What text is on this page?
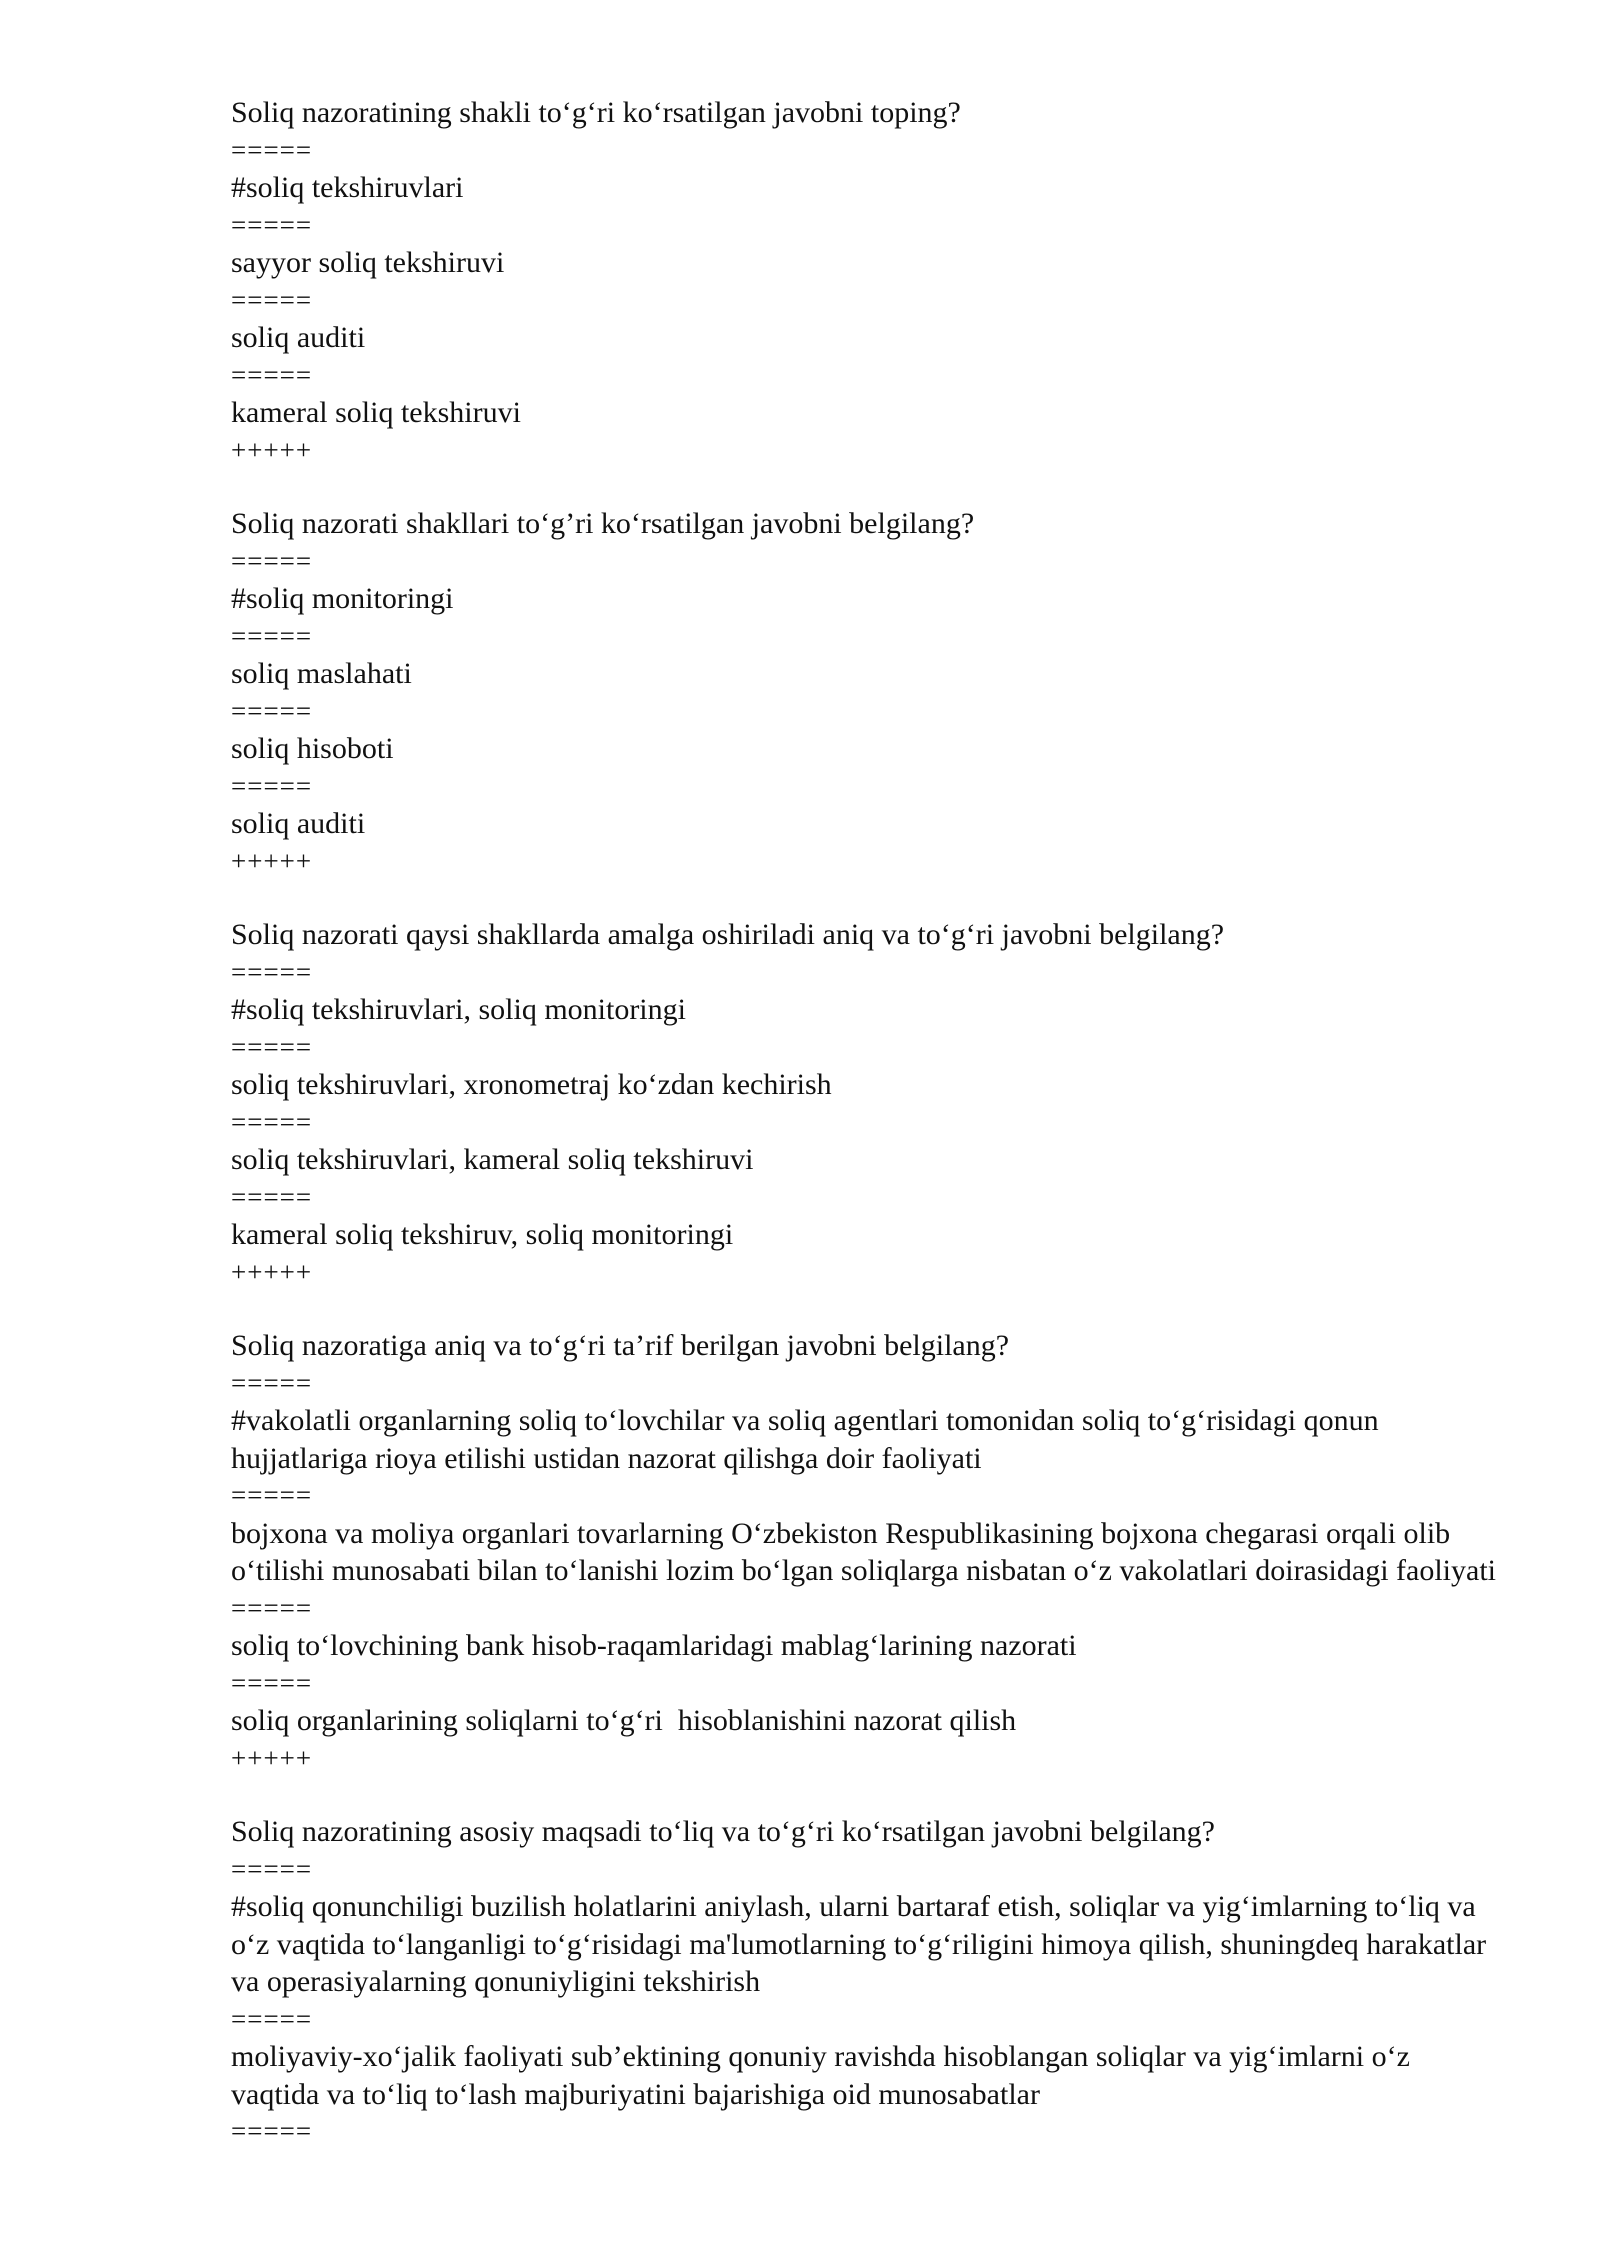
Soliq nazoratining shakli to‘g‘ri ko‘rsatilgan javobni toping?
=====
#soliq tekshiruvlari
=====
sayyor soliq tekshiruvi
=====
soliq auditi
=====
kameral soliq tekshiruvi
+++++
Soliq nazorati shakllari to‘g’ri ko‘rsatilgan javobni belgilang?
=====
#soliq monitoringi
=====
soliq maslahati
=====
soliq hisoboti
=====
soliq auditi
+++++
Soliq nazorati qaysi shakllarda amalga oshiriladi aniq va to‘g‘ri javobni belgilang?
=====
#soliq tekshiruvlari, soliq monitoringi
=====
soliq tekshiruvlari, xronometraj ko‘zdan kechirish
=====
soliq tekshiruvlari, kameral soliq tekshiruvi
=====
kameral soliq tekshiruv, soliq monitoringi
+++++
Soliq nazoratiga aniq va to‘g‘ri ta’rif berilgan javobni belgilang?
=====
#vakolatli organlarning soliq to‘lovchilar va soliq agentlari tomonidan soliq to‘g‘risidagi qonun hujjatlariga rioya etilishi ustidan nazorat qilishga doir faoliyati
=====
bojxona va moliya organlari tovarlarning O‘zbekiston Respublikasining bojxona chegarasi orqali olib o‘tilishi munosabati bilan to‘lanishi lozim bo‘lgan soliqlarga nisbatan o‘z vakolatlari doirasidagi faoliyati
=====
soliq to‘lovchining bank hisob-raqamlaridagi mablag‘larining nazorati
=====
soliq organlarining soliqlarni to‘g‘ri  hisoblanishini nazorat qilish
+++++
Soliq nazoratining asosiy maqsadi to‘liq va to‘g‘ri ko‘rsatilgan javobni belgilang?
=====
#soliq qonunchiligi buzilish holatlarini aniylash, ularni bartaraf etish, soliqlar va yig‘imlarning to‘liq va o‘z vaqtida to‘langanligi to‘g‘risidagi ma'lumotlarning to‘g‘riligini himoya qilish, shuningdeq harakatlar va operasiyalarning qonuniyligini tekshirish
=====
moliyaviy-xo‘jalik faoliyati sub’ektining qonuniy ravishda hisoblangan soliqlar va yig‘imlarni o‘z vaqtida va to‘liq to‘lash majburiyatini bajarishiga oid munosabatlar
=====
